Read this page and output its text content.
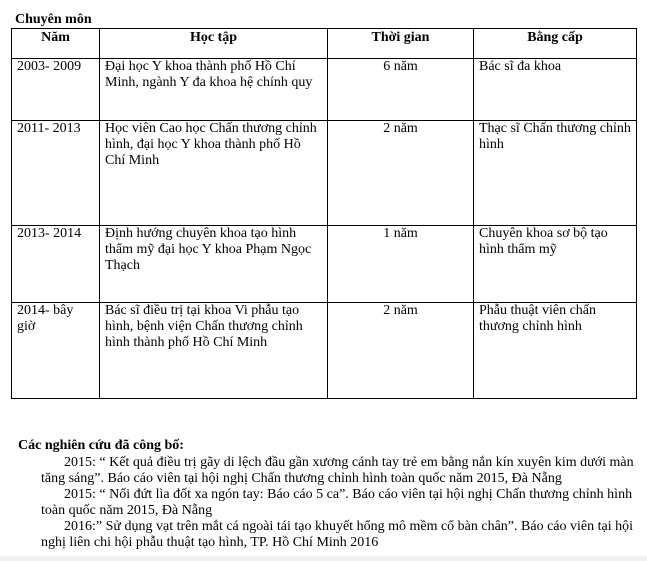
Chuyên môn
Năm	Học tập	Thời gian	Bằng cấp
2003- 2009	Đại học Y khoa thành phố Hồ Chí Minh, ngành Y đa khoa hệ chính quy	6 năm	Bác sĩ đa khoa
2011- 2013	Học viên Cao học Chấn thương chỉnh hình, đại học Y khoa thành phố Hồ Chí Minh	2 năm	Thạc sĩ Chấn thương chỉnh hình
2013- 2014	Định hướng chuyên khoa tạo hình thẩm mỹ đại học Y khoa Phạm Ngọc Thạch	1 năm	Chuyên khoa sơ bộ tạo hình thẩm mỹ
2014- bây giờ	Bác sĩ điều trị tại khoa Vi phẫu tạo hình, bệnh viện Chấn thương chỉnh hình thành phố Hồ Chí Minh	2 năm	Phẫu thuật viên chấn thương chỉnh hình
Các nghiên cứu đã công bố:

2015: “ Kết quả điều trị gãy di lệch đầu gần xương cánh tay trẻ em bằng nắn kín xuyên kim dưới màn tăng sáng”. Báo cáo viên tại hội nghị Chấn thương chỉnh hình toàn quốc năm 2015, Đà Nẵng

2015: “ Nối đứt lìa đốt xa ngón tay: Báo cáo 5 ca”. Báo cáo viên tại hội nghị Chấn thương chỉnh hình toàn quốc năm 2015, Đà Nẵng

2016:” Sử dụng vạt trên mắt cá ngoài tái tạo khuyết hổng mô mềm cổ bàn chân”. Báo cáo viên tại hội nghị liên chi hội phẫu thuật tạo hình, TP. Hồ Chí Minh 2016
